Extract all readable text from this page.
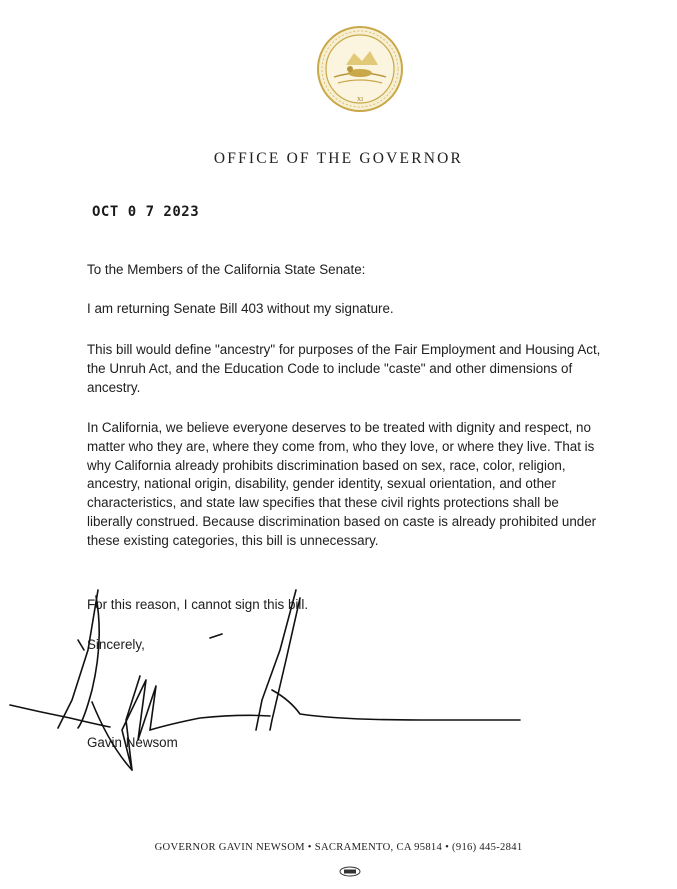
XI
OFFICE OF THE GOVERNOR
OCT 0 7 2023
To the Members of the California State Senate:
I am returning Senate Bill 403 without my signature.
This bill would define "ancestry" for purposes of the Fair Employment and Housing Act, the Unruh Act, and the Education Code to include "caste" and other dimensions of ancestry.
In California, we believe everyone deserves to be treated with dignity and respect, no matter who they are, where they come from, who they love, or where they live. That is why California already prohibits discrimination based on sex, race, color, religion, ancestry, national origin, disability, gender identity, sexual orientation, and other characteristics, and state law specifies that these civil rights protections shall be liberally construed. Because discrimination based on caste is already prohibited under these existing categories, this bill is unnecessary.
For this reason, I cannot sign this bill.
Sincerely,
Gavin Newsom
GOVERNOR GAVIN NEWSOM • SACRAMENTO, CA 95814 • (916) 445-2841
